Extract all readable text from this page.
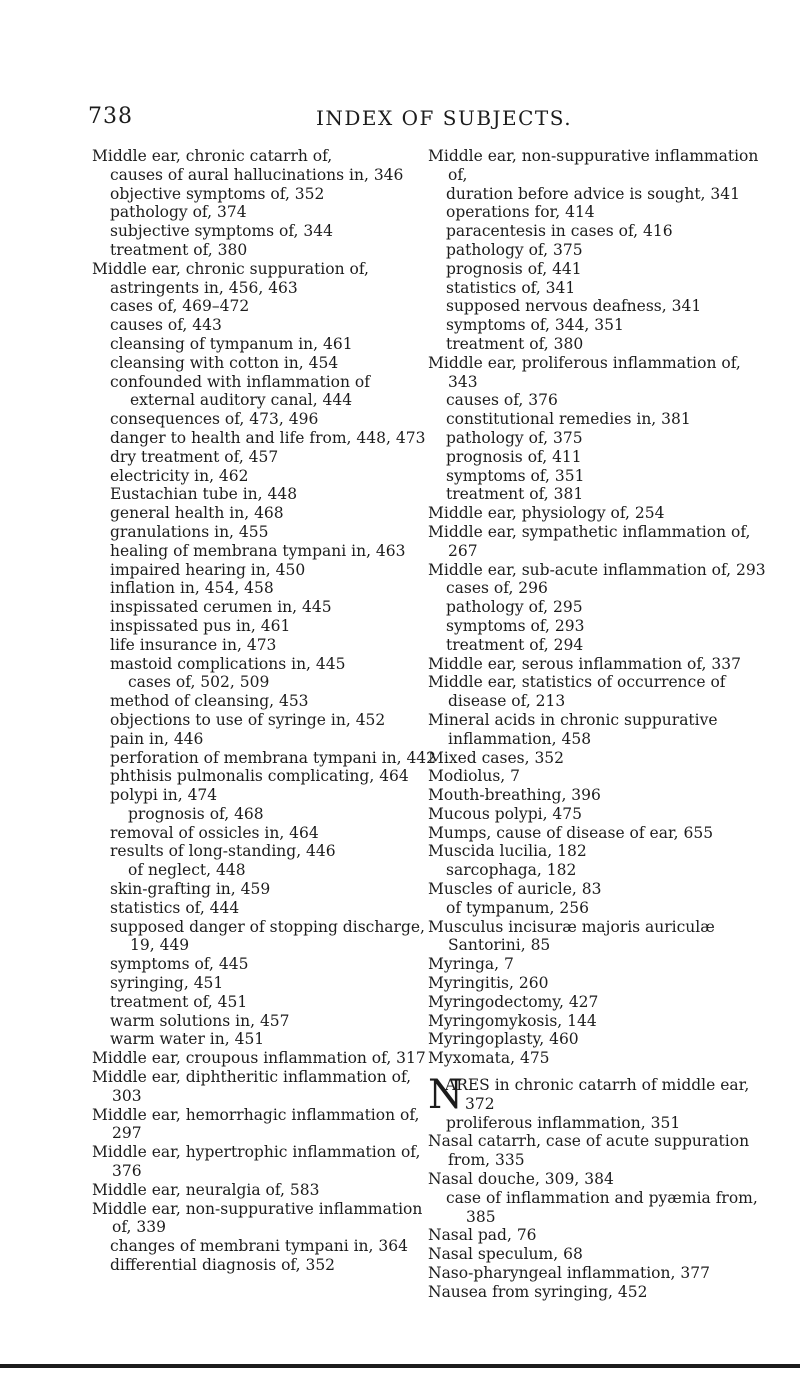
738	INDEX OF SUBJECTS.

Middle ear, chronic catarrh of,

causes of aural hallucinations in, 346

objective symptoms of, 352

pathology of, 374

subjective symptoms of, 344

treatment of, 380

Middle ear, chronic suppuration of,

astringents in, 456, 463

cases of, 469–472

causes of, 443

cleansing of tympanum in, 461

cleansing with cotton in, 454

confounded with inflammation of external auditory canal, 444

consequences of, 473, 496

danger to health and life from, 448, 473

dry treatment of, 457

electricity in, 462

Eustachian tube in, 448

general health in, 468

granulations in, 455

healing of membrana tympani in, 463

impaired hearing in, 450

inflation in, 454, 458

inspissated cerumen in, 445

inspissated pus in, 461

life insurance in, 473

mastoid complications in, 445

cases of, 502, 509

method of cleansing, 453

objections to use of syringe in, 452

pain in, 446

perforation of membrana tympani in, 442

phthisis pulmonalis complicating, 464

polypi in, 474

prognosis of, 468

removal of ossicles in, 464

results of long-standing, 446

of neglect, 448

skin-grafting in, 459

statistics of, 444

supposed danger of stopping discharge, 19, 449

symptoms of, 445

syringing, 451

treatment of, 451

warm solutions in, 457

warm water in, 451

Middle ear, croupous inflammation of, 317

Middle ear, diphtheritic inflammation of, 303

Middle ear, hemorrhagic inflammation of, 297

Middle ear, hypertrophic inflammation of, 376

Middle ear, neuralgia of, 583

Middle ear, non-suppurative inflammation of, 339

changes of membrani tympani in, 364

differential diagnosis of, 352

Middle ear, non-suppurative inflammation of,

duration before advice is sought, 341

operations for, 414

paracentesis in cases of, 416

pathology of, 375

prognosis of, 441

statistics of, 341

supposed nervous deafness, 341

symptoms of, 344, 351

treatment of, 380

Middle ear, proliferous inflammation of, 343

causes of, 376

constitutional remedies in, 381

pathology of, 375

prognosis of, 411

symptoms of, 351

treatment of, 381

Middle ear, physiology of, 254

Middle ear, sympathetic inflammation of, 267

Middle ear, sub-acute inflammation of, 293

cases of, 296

pathology of, 295

symptoms of, 293

treatment of, 294

Middle ear, serous inflammation of, 337

Middle ear, statistics of occurrence of disease of, 213

Mineral acids in chronic suppurative inflammation, 458

Mixed cases, 352

Modiolus, 7

Mouth-breathing, 396

Mucous polypi, 475

Mumps, cause of disease of ear, 655

Muscida lucilia, 182

sarcophaga, 182

Muscles of auricle, 83

of tympanum, 256

Musculus incisuræ majoris auriculæ Santorini, 85

Myringa, 7

Myringitis, 260

Myringodectomy, 427

Myringomykosis, 144

Myringoplasty, 460

Myxomata, 475

N
ARES in chronic catarrh of middle ear, 372

proliferous inflammation, 351

Nasal catarrh, case of acute suppuration from, 335

Nasal douche, 309, 384

case of inflammation and pyæmia from, 385

Nasal pad, 76

Nasal speculum, 68

Naso-pharyngeal inflammation, 377

Nausea from syringing, 452
